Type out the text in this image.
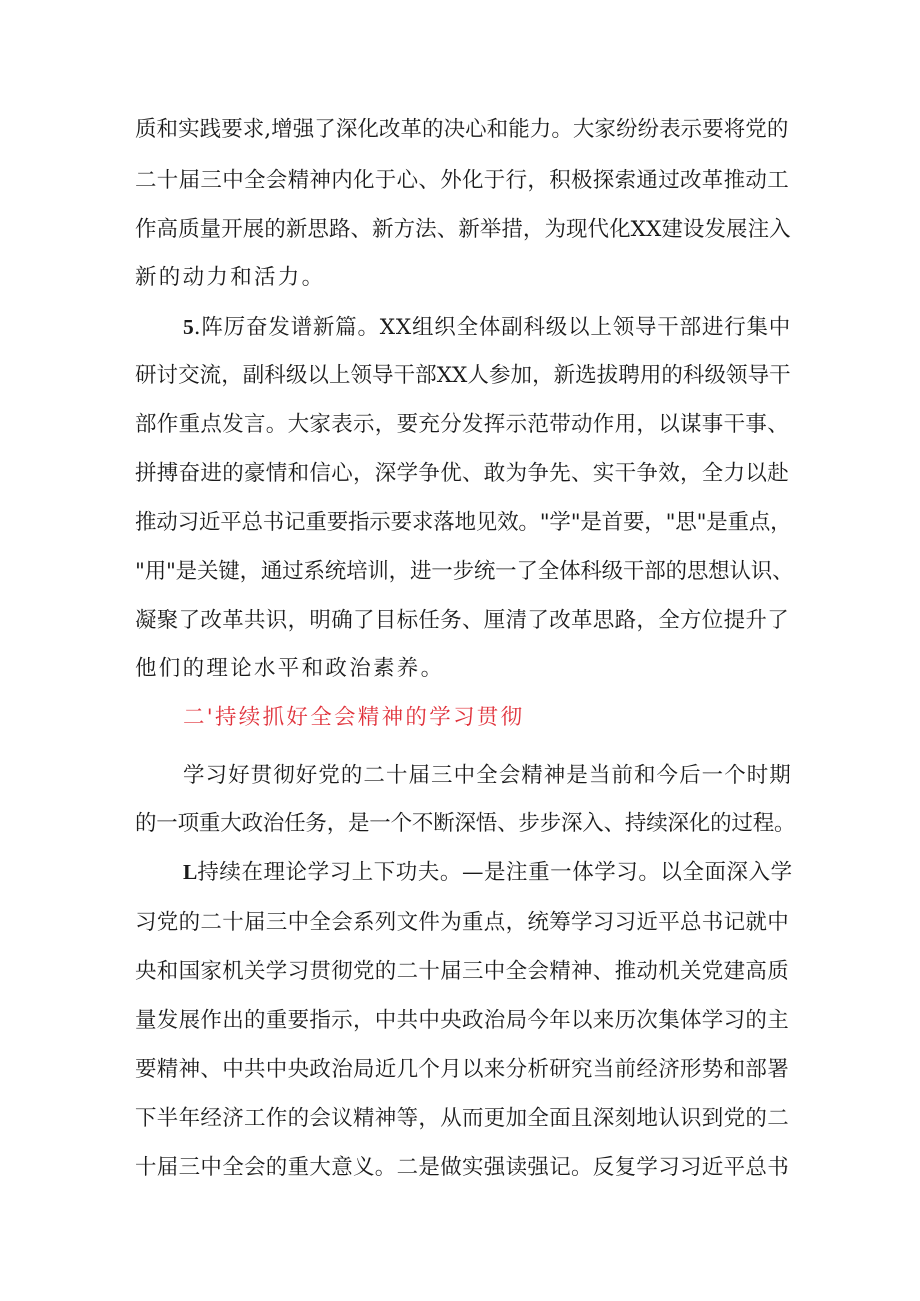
质和实践要求,增强了深化改革的决心和能力。大家纷纷表示要将党的
二十届三中全会精神内化于心、外化于行，积极探索通过改革推动工
作高质量开展的新思路、新方法、新举措，为现代化XX建设发展注入
新的动力和活力。
5.阵厉奋发谱新篇。XX组织全体副科级以上领导干部进行集中
研讨交流，副科级以上领导干部XX人参加，新选拔聘用的科级领导干
部作重点发言。大家表示，要充分发挥示范带动作用，以谋事干事、
拼搏奋进的豪情和信心，深学争优、敢为争先、实干争效，全力以赴
推动习近平总书记重要指示要求落地见效。"学"是首要，"思"是重点，
"用"是关键，通过系统培训，进一步统一了全体科级干部的思想认识、
凝聚了改革共识，明确了目标任务、厘清了改革思路，全方位提升了
他们的理论水平和政治素养。
二'持续抓好全会精神的学习贯彻
学习好贯彻好党的二十届三中全会精神是当前和今后一个时期
的一项重大政治任务，是一个不断深悟、步步深入、持续深化的过程。
L持续在理论学习上下功夫。—是注重一体学习。以全面深入学
习党的二十届三中全会系列文件为重点，统筹学习习近平总书记就中
央和国家机关学习贯彻党的二十届三中全会精神、推动机关党建高质
量发展作出的重要指示，中共中央政治局今年以来历次集体学习的主
要精神、中共中央政治局近几个月以来分析研究当前经济形势和部署
下半年经济工作的会议精神等，从而更加全面且深刻地认识到党的二
十届三中全会的重大意义。二是做实强读强记。反复学习习近平总书
